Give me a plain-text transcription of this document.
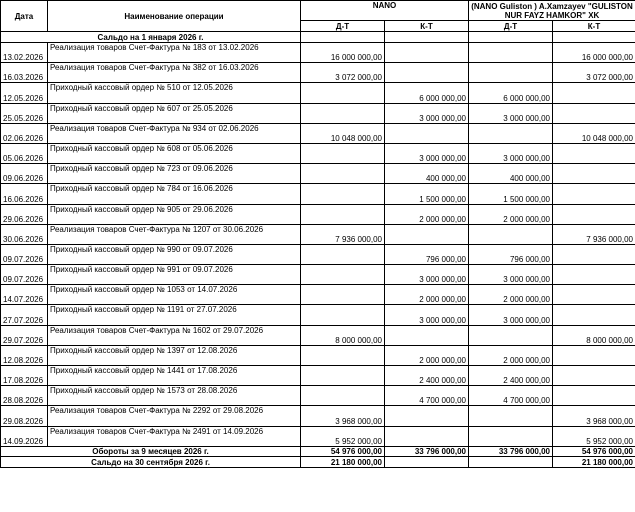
Дата	Наименование операции	NANO		(NANO Guliston ) A.Xamzayev "GULISTON NUR FAYZ HAMKOR" XK	
		Д-Т	К-Т	Д-Т	К-Т
Сальдо на 1 января 2026 г.					
13.02.2026	Реализация товаров Счет-Фактура № 183 от 13.02.2026	16 000 000,00			16 000 000,00
16.03.2026	Реализация товаров Счет-Фактура № 382 от 16.03.2026	3 072 000,00			3 072 000,00
12.05.2026	Приходный кассовый ордер № 510 от 12.05.2026		6 000 000,00	6 000 000,00	
25.05.2026	Приходный кассовый ордер № 607 от 25.05.2026		3 000 000,00	3 000 000,00	
02.06.2026	Реализация товаров Счет-Фактура № 934 от 02.06.2026	10 048 000,00			10 048 000,00
05.06.2026	Приходный кассовый ордер № 608 от 05.06.2026		3 000 000,00	3 000 000,00	
09.06.2026	Приходный кассовый ордер № 723 от 09.06.2026		400 000,00	400 000,00	
16.06.2026	Приходный кассовый ордер № 784 от 16.06.2026		1 500 000,00	1 500 000,00	
29.06.2026	Приходный кассовый ордер № 905 от 29.06.2026		2 000 000,00	2 000 000,00	
30.06.2026	Реализация товаров Счет-Фактура № 1207 от 30.06.2026	7 936 000,00			7 936 000,00
09.07.2026	Приходный кассовый ордер № 990 от 09.07.2026		796 000,00	796 000,00	
09.07.2026	Приходный кассовый ордер № 991 от 09.07.2026		3 000 000,00	3 000 000,00	
14.07.2026	Приходный кассовый ордер № 1053 от 14.07.2026		2 000 000,00	2 000 000,00	
27.07.2026	Приходный кассовый ордер № 1191 от 27.07.2026		3 000 000,00	3 000 000,00	
29.07.2026	Реализация товаров Счет-Фактура № 1602 от 29.07.2026	8 000 000,00			8 000 000,00
12.08.2026	Приходный кассовый ордер № 1397 от 12.08.2026		2 000 000,00	2 000 000,00	
17.08.2026	Приходный кассовый ордер № 1441 от 17.08.2026		2 400 000,00	2 400 000,00	
28.08.2026	Приходный кассовый ордер № 1573 от 28.08.2026		4 700 000,00	4 700 000,00	
29.08.2026	Реализация товаров Счет-Фактура № 2292 от 29.08.2026	3 968 000,00			3 968 000,00
14.09.2026	Реализация товаров Счет-Фактура № 2491 от 14.09.2026	5 952 000,00			5 952 000,00
Обороты за 9 месяцев 2026 г.		54 976 000,00	33 796 000,00	33 796 000,00	54 976 000,00
Сальдо на 30 сентября 2026 г.		21 180 000,00			21 180 000,00
